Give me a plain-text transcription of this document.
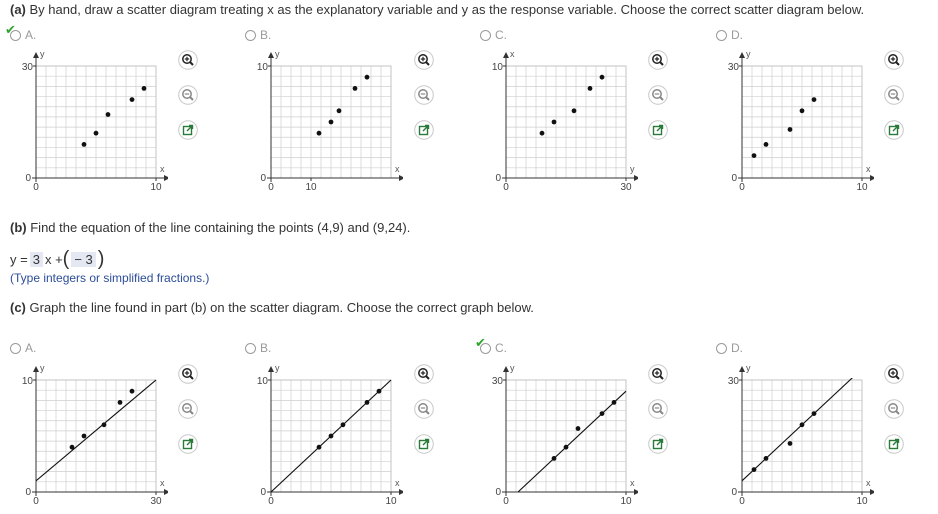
(a) By hand, draw a scatter diagram treating x as the explanatory variable and y as the response variable. Choose the correct scatter diagram below.
✔ A.	B.	C.	D.
x
y
0
30
0	10
x
y
0
10
0	10
y
x
0
10
0	30
x
y
0
30
0	10
(b) Find the equation of the line containing the points (4,9) and (9,24).
y = 3 x + ( − 3 )
(Type integers or simplified fractions.)
(c) Graph the line found in part (b) on the scatter diagram. Choose the correct graph below.
A.	B.	✔ C.	D.
x
y
0
10
0	30
x
y
0
10
0	10
x
y
0
30
0	10
x
y
0
30
0	10
